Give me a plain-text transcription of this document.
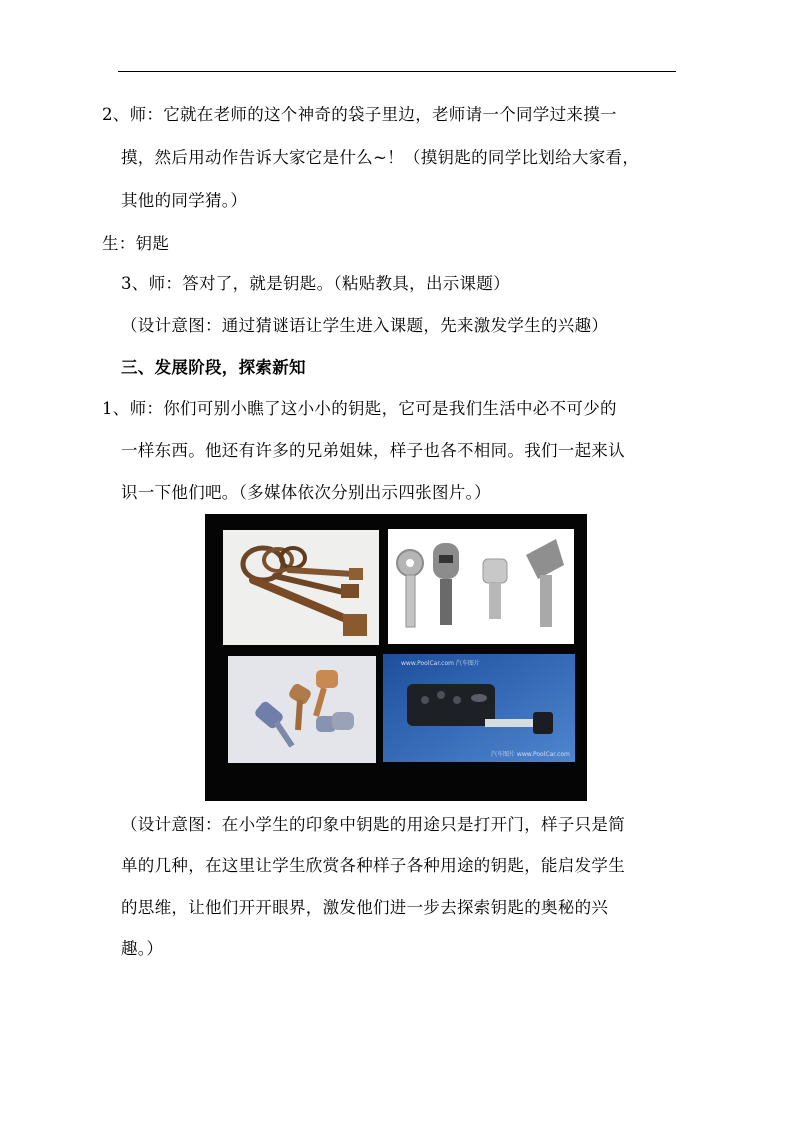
2、师：它就在老师的这个神奇的袋子里边，老师请一个同学过来摸一
摸，然后用动作告诉大家它是什么~！（摸钥匙的同学比划给大家看，
其他的同学猜。）
生：钥匙
3、师：答对了，就是钥匙。（粘贴教具，出示课题）
（设计意图：通过猜谜语让学生进入课题，先来激发学生的兴趣）
三、发展阶段，探索新知
1、师：你们可别小瞧了这小小的钥匙，它可是我们生活中必不可少的
一样东西。他还有许多的兄弟姐妹，样子也各不相同。我们一起来认
识一下他们吧。（多媒体依次分别出示四张图片。）
www.PoolCar.com 汽车图片
汽车图片 www.PoolCar.com
（设计意图：在小学生的印象中钥匙的用途只是打开门，样子只是简
单的几种，在这里让学生欣赏各种样子各种用途的钥匙，能启发学生
的思维，让他们开开眼界，激发他们进一步去探索钥匙的奥秘的兴
趣。）
